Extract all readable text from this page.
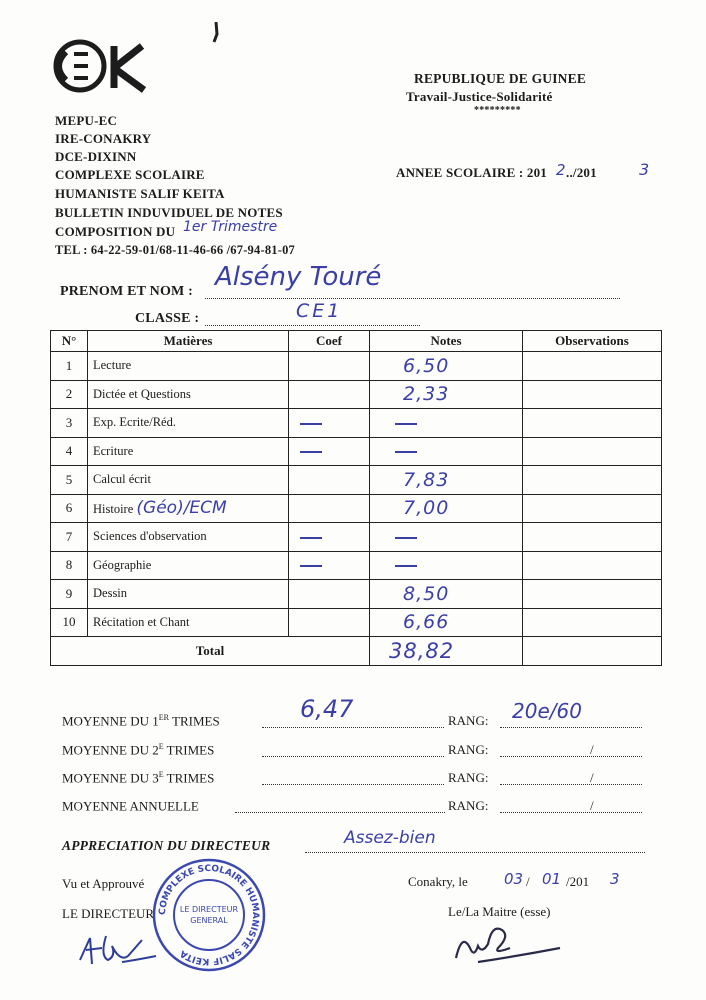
REPUBLIQUE DE GUINEE
Travail-Justice-Solidarité
*********
MEPU-EC
IRE-CONAKRY
DCE-DIXINN
COMPLEXE SCOLAIRE
HUMANISTE SALIF KEITA
BULLETIN INDUVIDUEL DE NOTES
COMPOSITION DU 1er Trimestre
TEL : 64-22-59-01/68-11-46-66 /67-94-81-07
ANNEE SCOLAIRE : 201 2 ../201	3
PRENOM ET NOM : Alsény Touré
CLASSE :	CE1
N°	Matières	Coef	Notes	Observations
1	Lecture		6,50	
2	Dictée et Questions		2,33	
3	Exp. Ecrite/Réd.			
4	Ecriture			
5	Calcul écrit		7,83	
6	Histoire (Géo)/ECM		7,00	
7	Sciences d'observation			
8	Géographie			
9	Dessin		8,50	
10	Récitation et Chant		6,66	
Total			38,82	
MOYENNE DU 1ER TRIMES	6,47	RANG: 20e/60
MOYENNE DU $2^E$ TRIMES	RANG:	/
MOYENNE DU $3^E$ TRIMES	RANG:	/
MOYENNE ANNUELLE	RANG:	/
APPRECIATION DU DIRECTEUR	Assez-bien
Vu et Approuvé
LE DIRECTEUR
Conakry, le 03 / 01 /201 3
Le/La Maitre (esse)
COMPLEXE SCOLAIRE HUMANISTE SALIF KEITA
LE DIRECTEUR
GENERAL
